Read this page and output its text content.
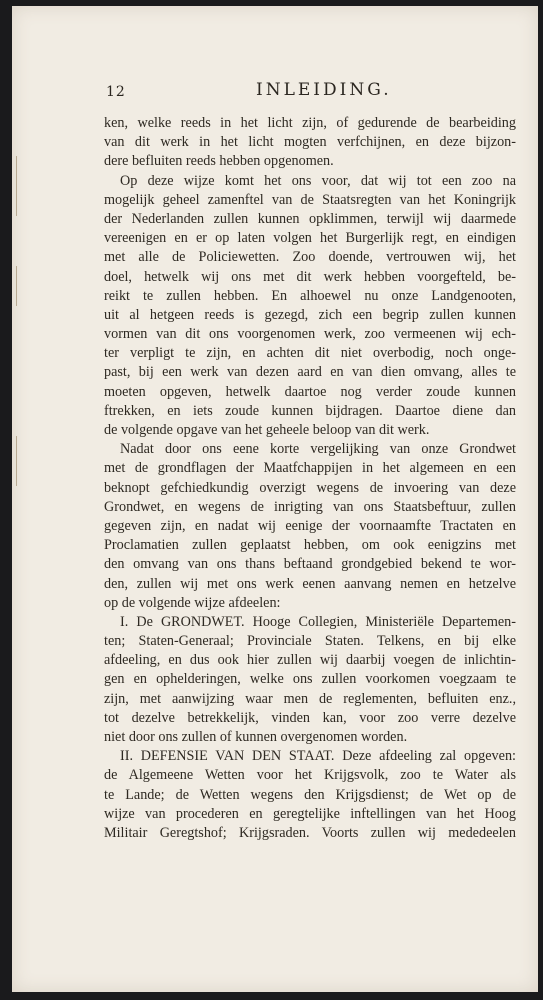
12	INLEIDING.
ken, welke reeds in het licht zijn, of gedurende de bearbeiding
van dit werk in het licht mogten verfchijnen, en deze bijzon-
dere befluiten reeds hebben opgenomen.
Op deze wijze komt het ons voor, dat wij tot een zoo na
mogelijk geheel zamenftel van de Staatsregten van het Koningrijk
der Nederlanden zullen kunnen opklimmen, terwijl wij daarmede
vereenigen en er op laten volgen het Burgerlijk regt, en eindigen
met alle de Policiewetten. Zoo doende, vertrouwen wij, het
doel, hetwelk wij ons met dit werk hebben voorgefteld, be-
reikt te zullen hebben. En alhoewel nu onze Landgenooten,
uit al hetgeen reeds is gezegd, zich een begrip zullen kunnen
vormen van dit ons voorgenomen werk, zoo vermeenen wij ech-
ter verpligt te zijn, en achten dit niet overbodig, noch onge-
past, bij een werk van dezen aard en van dien omvang, alles te
moeten opgeven, hetwelk daartoe nog verder zoude kunnen
ftrekken, en iets zoude kunnen bijdragen. Daartoe diene dan
de volgende opgave van het geheele beloop van dit werk.
Nadat door ons eene korte vergelijking van onze Grondwet
met de grondflagen der Maatfchappijen in het algemeen en een
beknopt gefchiedkundig overzigt wegens de invoering van deze
Grondwet, en wegens de inrigting van ons Staatsbeftuur, zullen
gegeven zijn, en nadat wij eenige der voornaamfte Tractaten en
Proclamatien zullen geplaatst hebben, om ook eenigzins met
den omvang van ons thans beftaand grondgebied bekend te wor-
den, zullen wij met ons werk eenen aanvang nemen en hetzelve
op de volgende wijze afdeelen:
I. De GRONDWET. Hooge Collegien, Ministeriële Departemen-
ten; Staten-Generaal; Provinciale Staten. Telkens, en bij elke
afdeeling, en dus ook hier zullen wij daarbij voegen de inlichtin-
gen en ophelderingen, welke ons zullen voorkomen voegzaam te
zijn, met aanwijzing waar men de reglementen, befluiten enz.,
tot dezelve betrekkelijk, vinden kan, voor zoo verre dezelve
niet door ons zullen of kunnen overgenomen worden.
II. DEFENSIE VAN DEN STAAT. Deze afdeeling zal opgeven:
de Algemeene Wetten voor het Krijgsvolk, zoo te Water als
te Lande; de Wetten wegens den Krijgsdienst; de Wet op de
wijze van procederen en geregtelijke inftellingen van het Hoog
Militair Geregtshof; Krijgsraden. Voorts zullen wij mededeelen
